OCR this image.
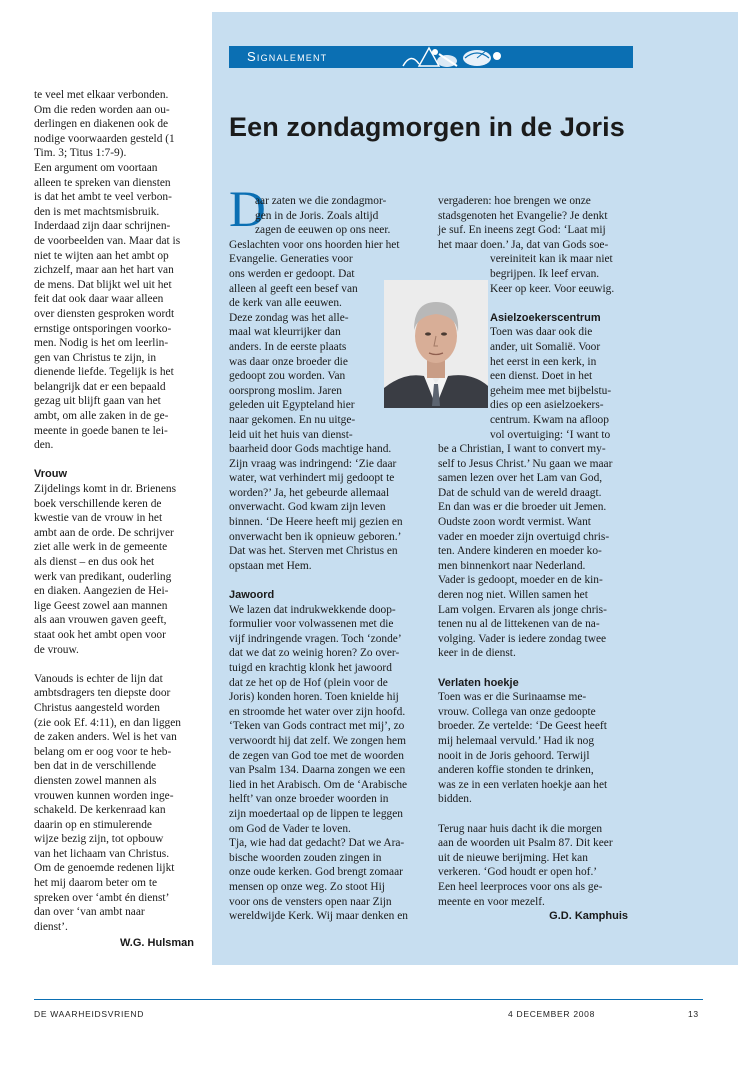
te veel met elkaar verbonden.
Om die reden worden aan ou-
derlingen en diakenen ook de
nodige voorwaarden gesteld (1
Tim. 3; Titus 1:7-9).
Een argument om voortaan
alleen te spreken van diensten
is dat het ambt te veel verbon-
den is met machtsmisbruik.
Inderdaad zijn daar schrijnen-
de voorbeelden van. Maar dat is
niet te wijten aan het ambt op
zichzelf, maar aan het hart van
de mens. Dat blijkt wel uit het
feit dat ook daar waar alleen
over diensten gesproken wordt
ernstige ontsporingen voorko-
men. Nodig is het om leerlin-
gen van Christus te zijn, in
dienende liefde. Tegelijk is het
belangrijk dat er een bepaald
gezag uit blijft gaan van het
ambt, om alle zaken in de ge-
meente in goede banen te lei-
den.

Vrouw

Zijdelings komt in dr. Brienens
boek verschillende keren de
kwestie van de vrouw in het
ambt aan de orde. De schrijver
ziet alle werk in de gemeente
als dienst – en dus ook het
werk van predikant, ouderling
en diaken. Aangezien de Hei-
lige Geest zowel aan mannen
als aan vrouwen gaven geeft,
staat ook het ambt open voor
de vrouw.

Vanouds is echter de lijn dat
ambtsdragers ten diepste door
Christus aangesteld worden
(zie ook Ef. 4:11), en dan liggen
de zaken anders. Wel is het van
belang om er oog voor te heb-
ben dat in de verschillende
diensten zowel mannen als
vrouwen kunnen worden inge-
schakeld. De kerkenraad kan
daarin op en stimulerende
wijze bezig zijn, tot opbouw
van het lichaam van Christus.
Om de genoemde redenen lijkt
het mij daarom beter om te
spreken over ‘ambt én dienst’
dan over ‘van ambt naar
dienst’.

W.G. Hulsman

Signalement
Een zondagmorgen in de Joris
D

aar zaten we die zondagmor-
gen in de Joris. Zoals altijd
zagen de eeuwen op ons neer.

Geslachten voor ons hoorden hier het
Evangelie. Generaties voor
ons werden er gedoopt. Dat
alleen al geeft een besef van
de kerk van alle eeuwen.
Deze zondag was het alle-
maal wat kleurrijker dan
anders. In de eerste plaats
was daar onze broeder die
gedoopt zou worden. Van
oorsprong moslim. Jaren
geleden uit Egypteland hier
naar gekomen. En nu uitge-
leid uit het huis van dienst-
baarheid door Gods machtige hand.
Zijn vraag was indringend: ‘Zie daar
water, wat verhindert mij gedoopt te
worden?’ Ja, het gebeurde allemaal
onverwacht. God kwam zijn leven
binnen. ‘De Heere heeft mij gezien en
onverwacht ben ik opnieuw geboren.’
Dat was het. Sterven met Christus en
opstaan met Hem.

Jawoord

We lazen dat indrukwekkende doop-
formulier voor volwassenen met die
vijf indringende vragen. Toch ‘zonde’
dat we dat zo weinig horen? Zo over-
tuigd en krachtig klonk het jawoord
dat ze het op de Hof (plein voor de
Joris) konden horen. Toen knielde hij
en stroomde het water over zijn hoofd.
‘Teken van Gods contract met mij’, zo
verwoordt hij dat zelf. We zongen hem
de zegen van God toe met de woorden
van Psalm 134. Daarna zongen we een
lied in het Arabisch. Om de ‘Arabische
helft’ van onze broeder woorden in
zijn moedertaal op de lippen te leggen
om God de Vader te loven.
Tja, wie had dat gedacht? Dat we Ara-
bische woorden zouden zingen in
onze oude kerken. God brengt zomaar
mensen op onze weg. Zo stoot Hij
voor ons de vensters open naar Zijn
wereldwijde Kerk. Wij maar denken en

vergaderen: hoe brengen we onze
stadsgenoten het Evangelie? Je denkt
je suf. En ineens zegt God: ‘Laat mij
het maar doen.’ Ja, dat van Gods soe-

vereiniteit kan ik maar niet
begrijpen. Ik leef ervan.
Keer op keer. Voor eeuwig.

Asielzoekerscentrum

Toen was daar ook die
ander, uit Somalië. Voor
het eerst in een kerk, in
een dienst. Doet in het
geheim mee met bijbelstu-
dies op een asielzoekers-
centrum. Kwam na afloop
vol overtuiging: ‘I want to

be a Christian, I want to convert my-
self to Jesus Christ.’ Nu gaan we maar
samen lezen over het Lam van God,
Dat de schuld van de wereld draagt.
En dan was er die broeder uit Jemen.
Oudste zoon wordt vermist. Want
vader en moeder zijn overtuigd chris-
ten. Andere kinderen en moeder ko-
men binnenkort naar Nederland.
Vader is gedoopt, moeder en de kin-
deren nog niet. Willen samen het
Lam volgen. Ervaren als jonge chris-
tenen nu al de littekenen van de na-
volging. Vader is iedere zondag twee
keer in de dienst.

Verlaten hoekje

Toen was er die Surinaamse me-
vrouw. Collega van onze gedoopte
broeder. Ze vertelde: ‘De Geest heeft
mij helemaal vervuld.’ Had ik nog
nooit in de Joris gehoord. Terwijl
anderen koffie stonden te drinken,
was ze in een verlaten hoekje aan het
bidden.

Terug naar huis dacht ik die morgen
aan de woorden uit Psalm 87. Dit keer
uit de nieuwe berijming. Het kan
verkeren. ‘God houdt er open hof.’
Een heel leerproces voor ons als ge-
meente en voor mezelf.

G.D. Kamphuis

DE WAARHEIDSVRIEND	4 DECEMBER 2008	13
